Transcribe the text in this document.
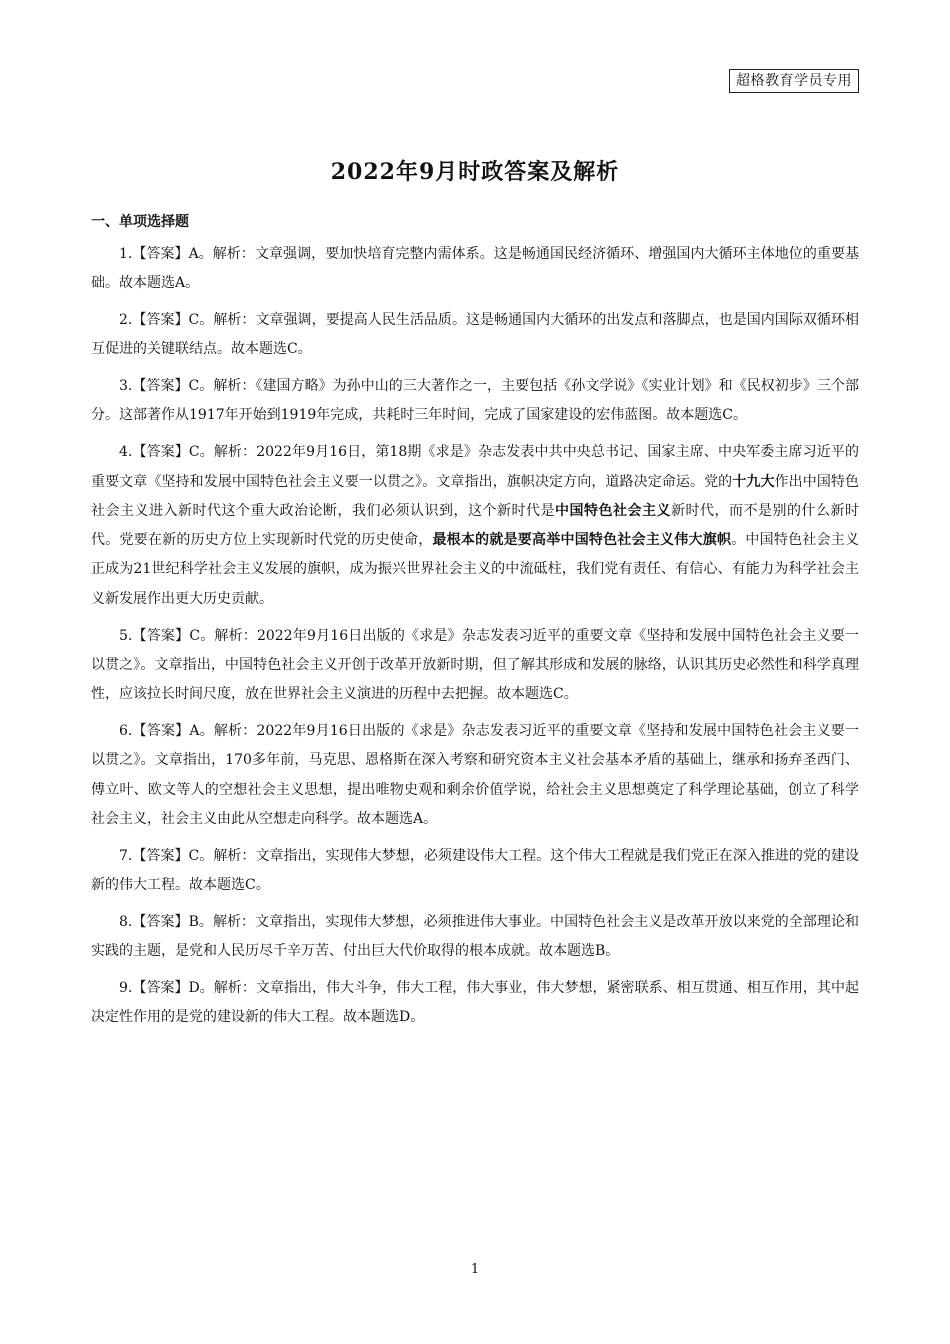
超格教育学员专用
2022年9月时政答案及解析
一、单项选择题

1.【答案】A。解析：文章强调，要加快培育完整内需体系。这是畅通国民经济循环、增强国内大循环主体地位的重要基础。故本题选A。

2.【答案】C。解析：文章强调，要提高人民生活品质。这是畅通国内大循环的出发点和落脚点，也是国内国际双循环相互促进的关键联结点。故本题选C。

3.【答案】C。解析：《建国方略》为孙中山的三大著作之一，主要包括《孙文学说》《实业计划》和《民权初步》三个部分。这部著作从1917年开始到1919年完成，共耗时三年时间，完成了国家建设的宏伟蓝图。故本题选C。

4.【答案】C。解析：2022年9月16日，第18期《求是》杂志发表中共中央总书记、国家主席、中央军委主席习近平的重要文章《坚持和发展中国特色社会主义要一以贯之》。文章指出，旗帜决定方向，道路决定命运。党的十九大作出中国特色社会主义进入新时代这个重大政治论断，我们必须认识到，这个新时代是中国特色社会主义新时代，而不是别的什么新时代。党要在新的历史方位上实现新时代党的历史使命，最根本的就是要高举中国特色社会主义伟大旗帜。中国特色社会主义正成为21世纪科学社会主义发展的旗帜，成为振兴世界社会主义的中流砥柱，我们党有责任、有信心、有能力为科学社会主义新发展作出更大历史贡献。

5.【答案】C。解析：2022年9月16日出版的《求是》杂志发表习近平的重要文章《坚持和发展中国特色社会主义要一以贯之》。文章指出，中国特色社会主义开创于改革开放新时期，但了解其形成和发展的脉络，认识其历史必然性和科学真理性，应该拉长时间尺度，放在世界社会主义演进的历程中去把握。故本题选C。

6.【答案】A。解析：2022年9月16日出版的《求是》杂志发表习近平的重要文章《坚持和发展中国特色社会主义要一以贯之》。文章指出，170多年前，马克思、恩格斯在深入考察和研究资本主义社会基本矛盾的基础上，继承和扬弃圣西门、傅立叶、欧文等人的空想社会主义思想，提出唯物史观和剩余价值学说，给社会主义思想奠定了科学理论基础，创立了科学社会主义，社会主义由此从空想走向科学。故本题选A。

7.【答案】C。解析：文章指出，实现伟大梦想，必须建设伟大工程。这个伟大工程就是我们党正在深入推进的党的建设新的伟大工程。故本题选C。

8.【答案】B。解析：文章指出，实现伟大梦想，必须推进伟大事业。中国特色社会主义是改革开放以来党的全部理论和实践的主题，是党和人民历尽千辛万苦、付出巨大代价取得的根本成就。故本题选B。

9.【答案】D。解析：文章指出，伟大斗争，伟大工程，伟大事业，伟大梦想，紧密联系、相互贯通、相互作用，其中起决定性作用的是党的建设新的伟大工程。故本题选D。

1
